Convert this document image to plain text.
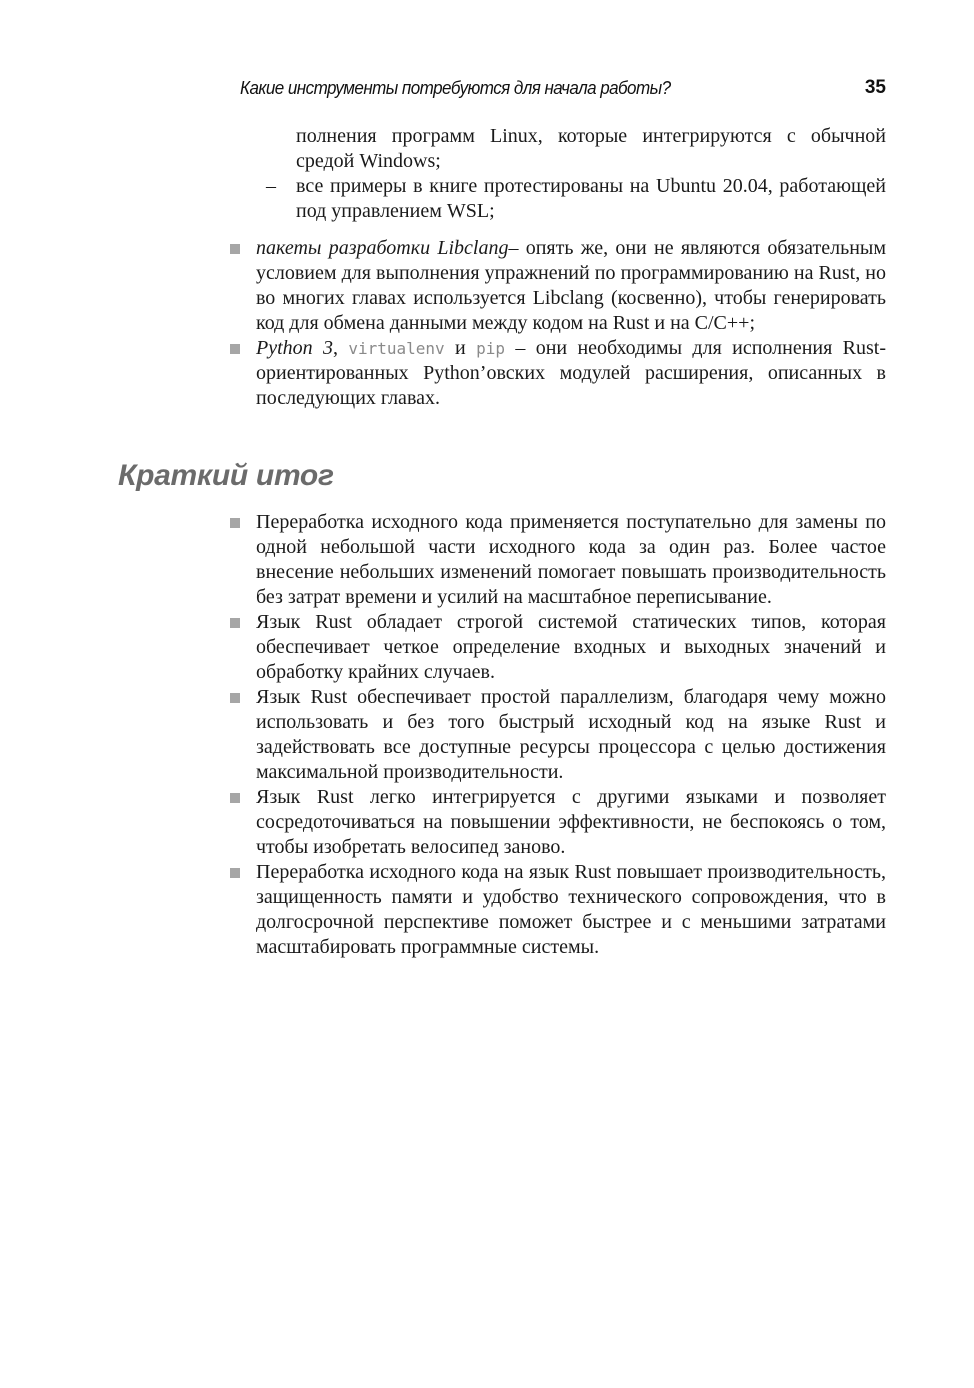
Какие инструменты потребуются для начала работы?	35
полнения программ Linux, которые интегрируются с обычной средой Windows;
– все примеры в книге протестированы на Ubuntu 20.04, работающей под управлением WSL;
пакеты разработки Libclang– опять же, они не являются обязательным условием для выполнения упражнений по программированию на Rust, но во многих главах используется Libclang (косвенно), чтобы генерировать код для обмена данными между кодом на Rust и на C/C++;
Python 3, virtualenv и pip – они необходимы для исполнения Rust-ориентированных Python’овских модулей расширения, описанных в последующих главах.
Краткий итог
Переработка исходного кода применяется поступательно для замены по одной небольшой части исходного кода за один раз. Более частое внесение небольших изменений помогает повышать производительность без затрат времени и усилий на масштабное переписывание.
Язык Rust обладает строгой системой статических типов, которая обеспечивает четкое определение входных и выходных значений и обработку крайних случаев.
Язык Rust обеспечивает простой параллелизм, благодаря чему можно использовать и без того быстрый исходный код на языке Rust и задействовать все доступные ресурсы процессора с целью достижения максимальной производительности.
Язык Rust легко интегрируется с другими языками и позволяет сосредоточиваться на повышении эффективности, не беспокоясь о том, чтобы изобретать велосипед заново.
Переработка исходного кода на язык Rust повышает производительность, защищенность памяти и удобство технического сопровождения, что в долгосрочной перспективе поможет быстрее и с меньшими затратами масштабировать программные системы.
